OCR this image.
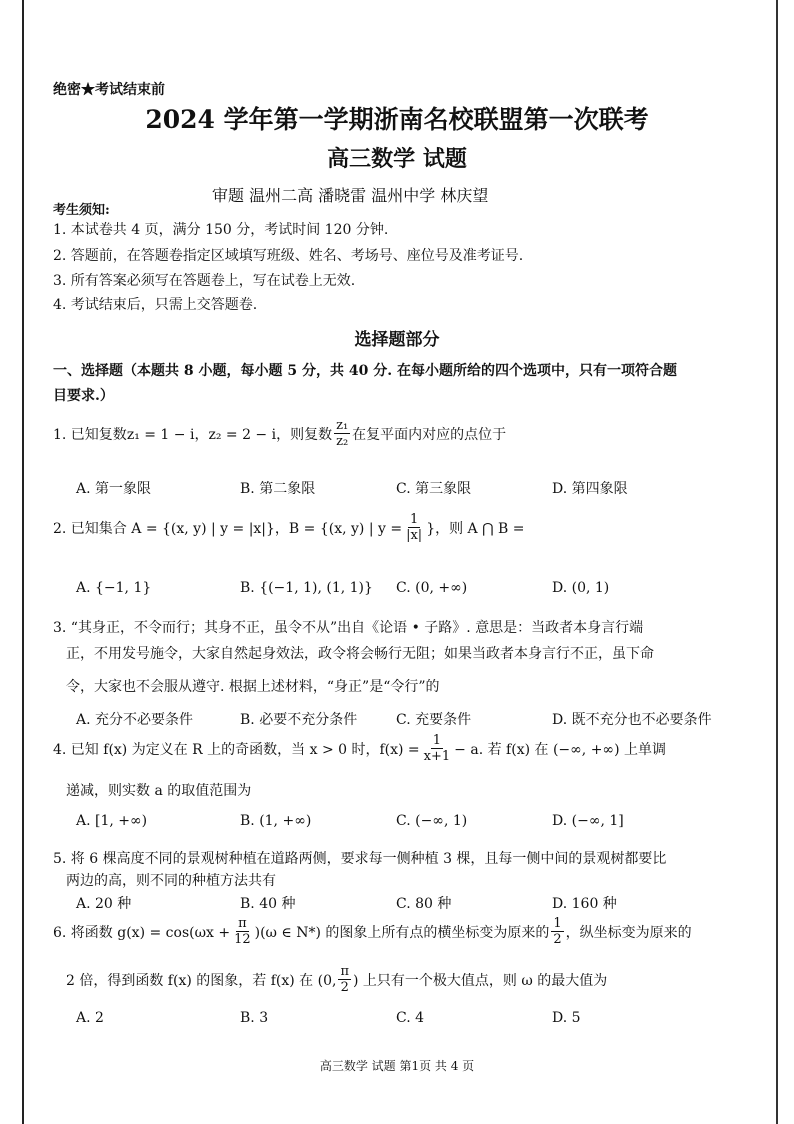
绝密★考试结束前
2024 学年第一学期浙南名校联盟第一次联考
高三数学 试题
审题 温州二高 潘晓雷 温州中学 林庆望
考生须知:
1. 本试卷共 4 页，满分 150 分，考试时间 120 分钟.
2. 答题前，在答题卷指定区域填写班级、姓名、考场号、座位号及准考证号.
3. 所有答案必须写在答题卷上，写在试卷上无效.
4. 考试结束后，只需上交答题卷.
选择题部分
一、选择题（本题共 8 小题，每小题 5 分，共 40 分. 在每小题所给的四个选项中，只有一项符合题
目要求.）
1. 已知复数 z₁ = 1 − i， z₂ = 2 − i，则复数 $\frac{\text{z₁}}{\text{z₂}}$ 在复平面内对应的点位于
A. 第一象限	B. 第二象限	C. 第三象限	D. 第四象限
2. 已知集合 A = {(x, y) | y = |x|}，B = {(x, y) | $y = \frac{1}{|x|}$ }，则 A ⋂ B =
A. {−1, 1}	B. {(−1, 1), (1, 1)} C. (0, +∞)	D. (0, 1)
3. “其身正，不令而行；其身不正，虽令不从”出自《论语 • 子路》. 意思是：当政者本身言行端
正，不用发号施令，大家自然起身效法，政令将会畅行无阻；如果当政者本身言行不正，虽下命
令，大家也不会服从遵守. 根据上述材料，“身正”是“令行”的
A. 充分不必要条件	B. 必要不充分条件	C. 充要条件	D. 既不充分也不必要条件
4. 已知 f(x) 为定义在 R 上的奇函数，当 x > 0 时，$f(x) = \frac{1}{x+1} - a$. 若 f(x) 在 (−∞, +∞) 上单调
递减，则实数 a 的取值范围为
A. [1, +∞)	B. (1, +∞)	C. (−∞, 1)	D. (−∞, 1]
5. 将 6 棵高度不同的景观树种植在道路两侧，要求每一侧种植 3 棵，且每一侧中间的景观树都要比
两边的高，则不同的种植方法共有
A. 20 种	B. 40 种	C. 80 种	D. 160 种
6. 将函数 $g(x) = \cos(\omega x + \frac{\pi}{12} )(\omega$ ∈ N*) 的图象上所有点的横坐标变为原来的 $\frac{1}{2}$ ，纵坐标变为原来的
2 倍，得到函数 f(x) 的图象，若 f(x) 在 (0, $\frac{\pi}{2}$ ) 上只有一个极大值点，则 ω 的最大值为
A. 2	B. 3	C. 4	D. 5
高三数学 试题 第1页 共 4 页
